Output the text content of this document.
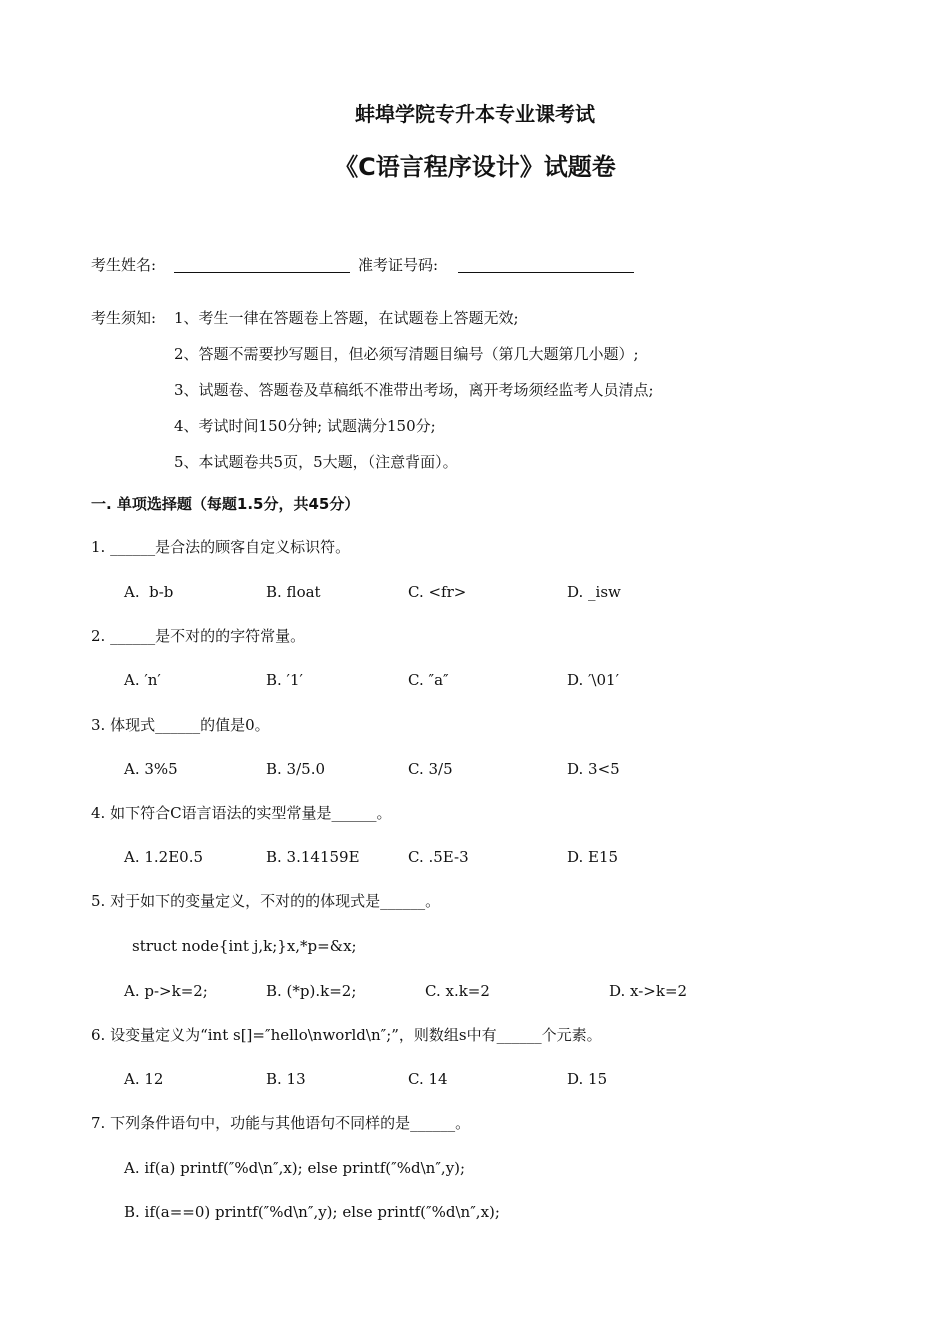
蚌埠学院专升本专业课考试
《C语言程序设计》试题卷
考生姓名:	准考证号码:
考生须知: 1、考生一律在答题卷上答题，在试题卷上答题无效;
2、答题不需要抄写题目，但必须写清题目编号（第几大题第几小题）;
3、试题卷、答题卷及草稿纸不准带出考场，离开考场须经监考人员清点;
4、考试时间150分钟; 试题满分150分;
5、本试题卷共5页，5大题，（注意背面）。
一. 单项选择题（每题1.5分，共45分）
1. ______是合法的顾客自定义标识符。
A.  b-b	B. float	C. <fr>	D. _isw
2. ______是不对的的字符常量。
A. ′n′	B. ′1′	C. ″a″	D. ′\01′
3. 体现式______的值是0。
A. 3%5	B. 3/5.0	C. 3/5	D. 3<5
4. 如下符合C语言语法的实型常量是______。
A. 1.2E0.5	B. 3.14159E	C. .5E-3	D. E15
5. 对于如下的变量定义，不对的的体现式是______。
struct node{int j,k;}x,*p=&x;
A. p->k=2;	B. (*p).k=2;	C. x.k=2	D. x->k=2
6. 设变量定义为“int s[]=″hello\nworld\n″;”，则数组s中有______个元素。
A. 12	B. 13	C. 14	D. 15
7. 下列条件语句中，功能与其他语句不同样的是______。
A. if(a) printf(″%d\n″,x); else printf(″%d\n″,y);
B. if(a==0) printf(″%d\n″,y); else printf(″%d\n″,x);
